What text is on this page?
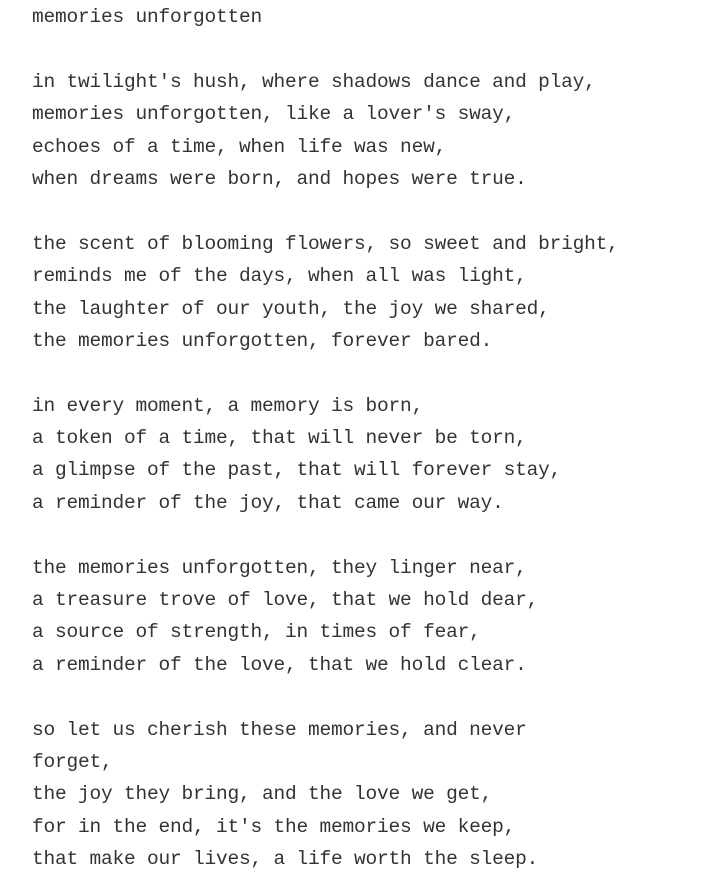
memories unforgotten
in twilight's hush, where shadows dance and play,
memories unforgotten, like a lover's sway,
echoes of a time, when life was new,
when dreams were born, and hopes were true.
the scent of blooming flowers, so sweet and bright,
reminds me of the days, when all was light,
the laughter of our youth, the joy we shared,
the memories unforgotten, forever bared.
in every moment, a memory is born,
a token of a time, that will never be torn,
a glimpse of the past, that will forever stay,
a reminder of the joy, that came our way.
the memories unforgotten, they linger near,
a treasure trove of love, that we hold dear,
a source of strength, in times of fear,
a reminder of the love, that we hold clear.
so let us cherish these memories, and never
forget,
the joy they bring, and the love we get,
for in the end, it's the memories we keep,
that make our lives, a life worth the sleep.
